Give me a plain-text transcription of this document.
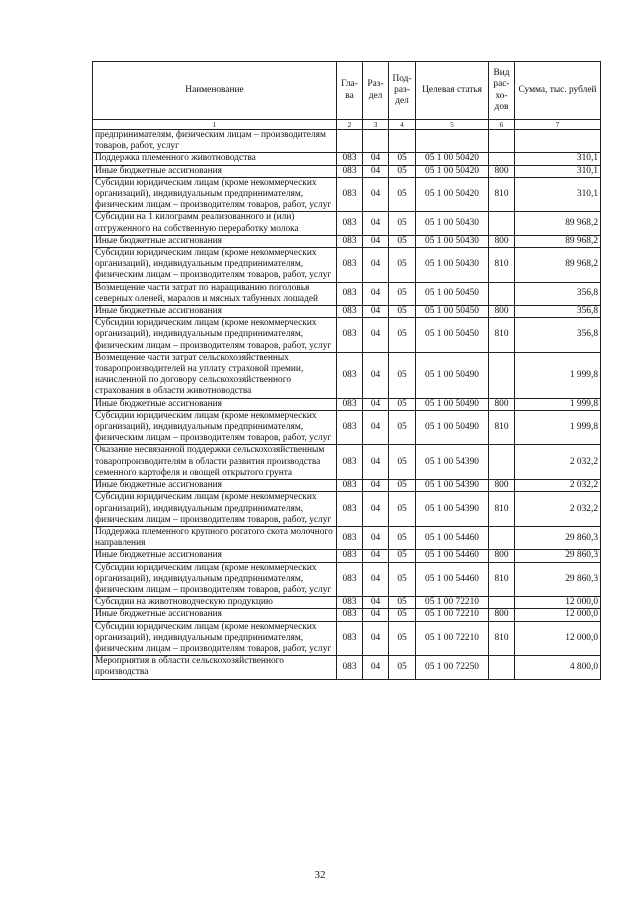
Наименование	Гла-ва	Раз-дел	Под-раз-дел	Целевая статья	Вид рас-хо-дов	Сумма, тыс. рублей
1	2	3	4	5	6	7
предпринимателям, физическим лицам – производителям товаров, работ, услуг						
Поддержка племенного животноводства	083	04	05	05 1 00 50420		310,1
Иные бюджетные ассигнования	083	04	05	05 1 00 50420	800	310,1
Субсидии юридическим лицам (кроме некоммерческих организаций), индивидуальным предпринимателям, физическим лицам – производителям товаров, работ, услуг	083	04	05	05 1 00 50420	810	310,1
Субсидии на 1 килограмм реализованного и (или) отгруженного на собственную переработку молока	083	04	05	05 1 00 50430		89 968,2
Иные бюджетные ассигнования	083	04	05	05 1 00 50430	800	89 968,2
Субсидии юридическим лицам (кроме некоммерческих организаций), индивидуальным предпринимателям, физическим лицам – производителям товаров, работ, услуг	083	04	05	05 1 00 50430	810	89 968,2
Возмещение части затрат по наращиванию поголовья северных оленей, маралов и мясных табунных лошадей	083	04	05	05 1 00 50450		356,8
Иные бюджетные ассигнования	083	04	05	05 1 00 50450	800	356,8
Субсидии юридическим лицам (кроме некоммерческих организаций), индивидуальным предпринимателям, физическим лицам – производителям товаров, работ, услуг	083	04	05	05 1 00 50450	810	356,8
Возмещение части затрат сельскохозяйственных товаропроизводителей на уплату страховой премии, начисленной по договору сельскохозяйственного страхования в области животноводства	083	04	05	05 1 00 50490		1 999,8
Иные бюджетные ассигнования	083	04	05	05 1 00 50490	800	1 999,8
Субсидии юридическим лицам (кроме некоммерческих организаций), индивидуальным предпринимателям, физическим лицам – производителям товаров, работ, услуг	083	04	05	05 1 00 50490	810	1 999,8
Оказание несвязанной поддержки сельскохозяйственным товаропроизводителям в области развития производства семенного картофеля и овощей открытого грунта	083	04	05	05 1 00 54390		2 032,2
Иные бюджетные ассигнования	083	04	05	05 1 00 54390	800	2 032,2
Субсидии юридическим лицам (кроме некоммерческих организаций), индивидуальным предпринимателям, физическим лицам – производителям товаров, работ, услуг	083	04	05	05 1 00 54390	810	2 032,2
Поддержка племенного крупного рогатого скота молочного направления	083	04	05	05 1 00 54460		29 860,3
Иные бюджетные ассигнования	083	04	05	05 1 00 54460	800	29 860,3
Субсидии юридическим лицам (кроме некоммерческих организаций), индивидуальным предпринимателям, физическим лицам – производителям товаров, работ, услуг	083	04	05	05 1 00 54460	810	29 860,3
Субсидии на животноводческую продукцию	083	04	05	05 1 00 72210		12 000,0
Иные бюджетные ассигнования	083	04	05	05 1 00 72210	800	12 000,0
Субсидии юридическим лицам (кроме некоммерческих организаций), индивидуальным предпринимателям, физическим лицам – производителям товаров, работ, услуг	083	04	05	05 1 00 72210	810	12 000,0
Мероприятия в области сельскохозяйственного производства	083	04	05	05 1 00 72250		4 800,0
32
